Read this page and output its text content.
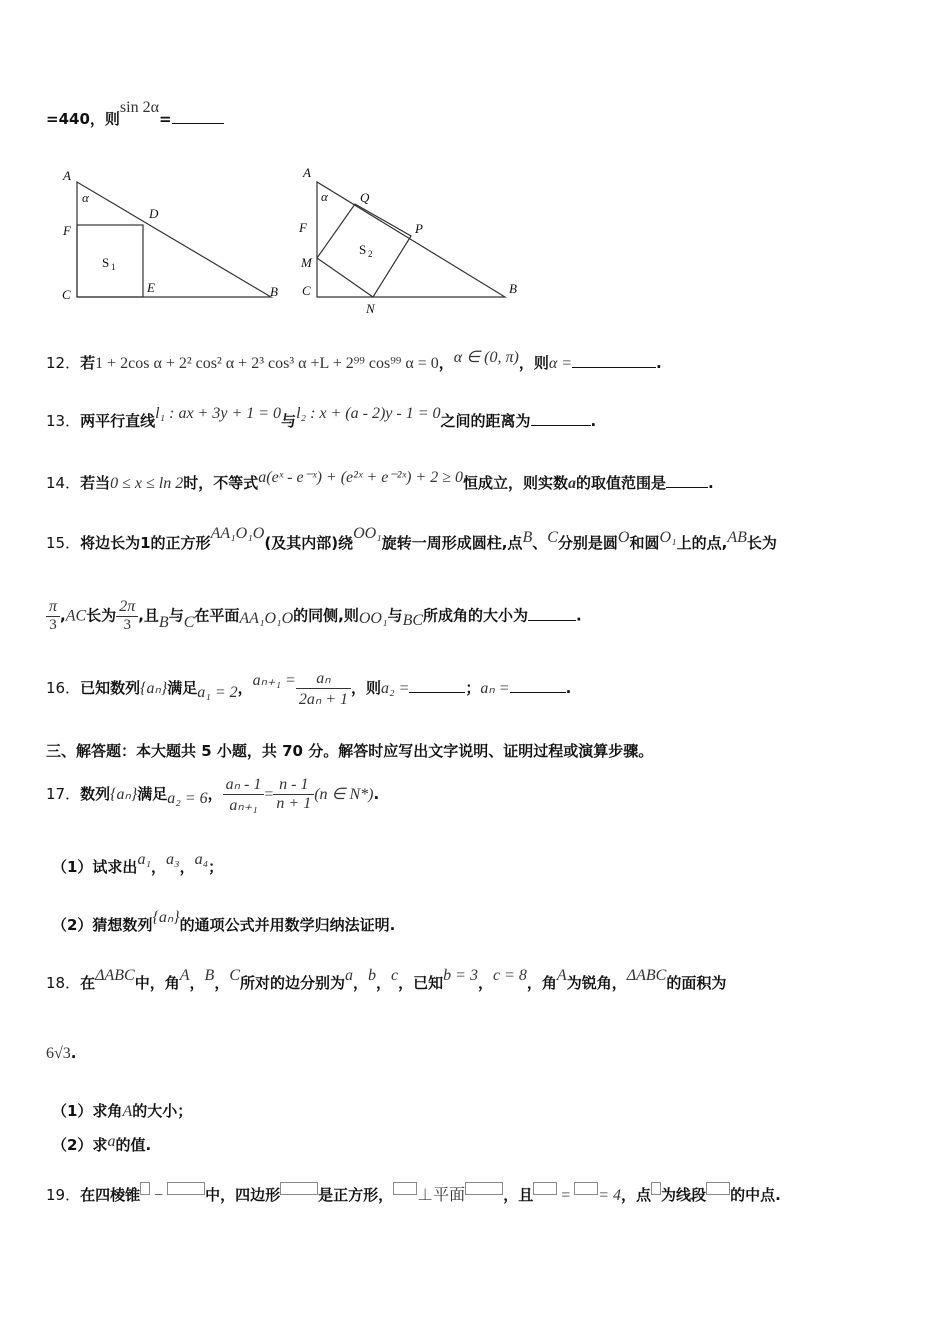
=440，则sin 2α=
A
α
F
D
S 1
C	E	B
A
α Q
F	P
M
S 2
C	B
N
12．若1 + 2cos α + 2² cos² α + 2³ cos³ α +L + 2⁹⁹ cos⁹⁹ α = 0，α ∈ (0, π)，则α =	.
13．两平行直线l₁ : ax + 3y + 1 = 0与l₂ : x + (a - 2)y - 1 = 0之间的距离为	.
14．若当0 ≤ x ≤ ln 2时，不等式a(eˣ - e⁻ˣ) + (e²ˣ + e⁻²ˣ) + 2 ≥ 0恒成立，则实数a的取值范围是	.
15．将边长为1的正方形AA₁O₁O(及其内部)绕OO₁旋转一周形成圆柱,点B、C分别是圆O和圆O₁上的点,AB长为
$\frac{\pi}{3} ,AC$长为 $\frac{2\pi}{3}$ ,且B与C在平面AA₁O₁O的同侧,则OO₁与BC所成角的大小为	.
16．已知数列{aₙ}满足a₁ = 2，$a_{n+1} = \frac{\text{aₙ}}{\text{2aₙ + 1}}$ ，则a₂ =	；aₙ =	.
三、解答题：本大题共 5 小题，共 70 分。解答时应写出文字说明、证明过程或演算步骤。
17．数列{aₙ}满足a₂ = 6， $\frac{\text{aₙ - 1}}{\text{aₙ₊₁}} = \frac{n - 1}{n + 1} (n$ ∈ N*).
（1）试求出a₁，a₃，a₄；
（2）猜想数列{aₙ}的通项公式并用数学归纳法证明.
18．在ΔABC中，角A，B，C所对的边分别为a，b，c，已知b = 3，c = 8，角A为锐角，ΔABC的面积为
6√3.
（1）求角A的大小；
（2）求a的值.
19．在四棱锥 −	中，四边形	是正方形， ⊥平面	，且 = = 4，点 为线段 的中点.
